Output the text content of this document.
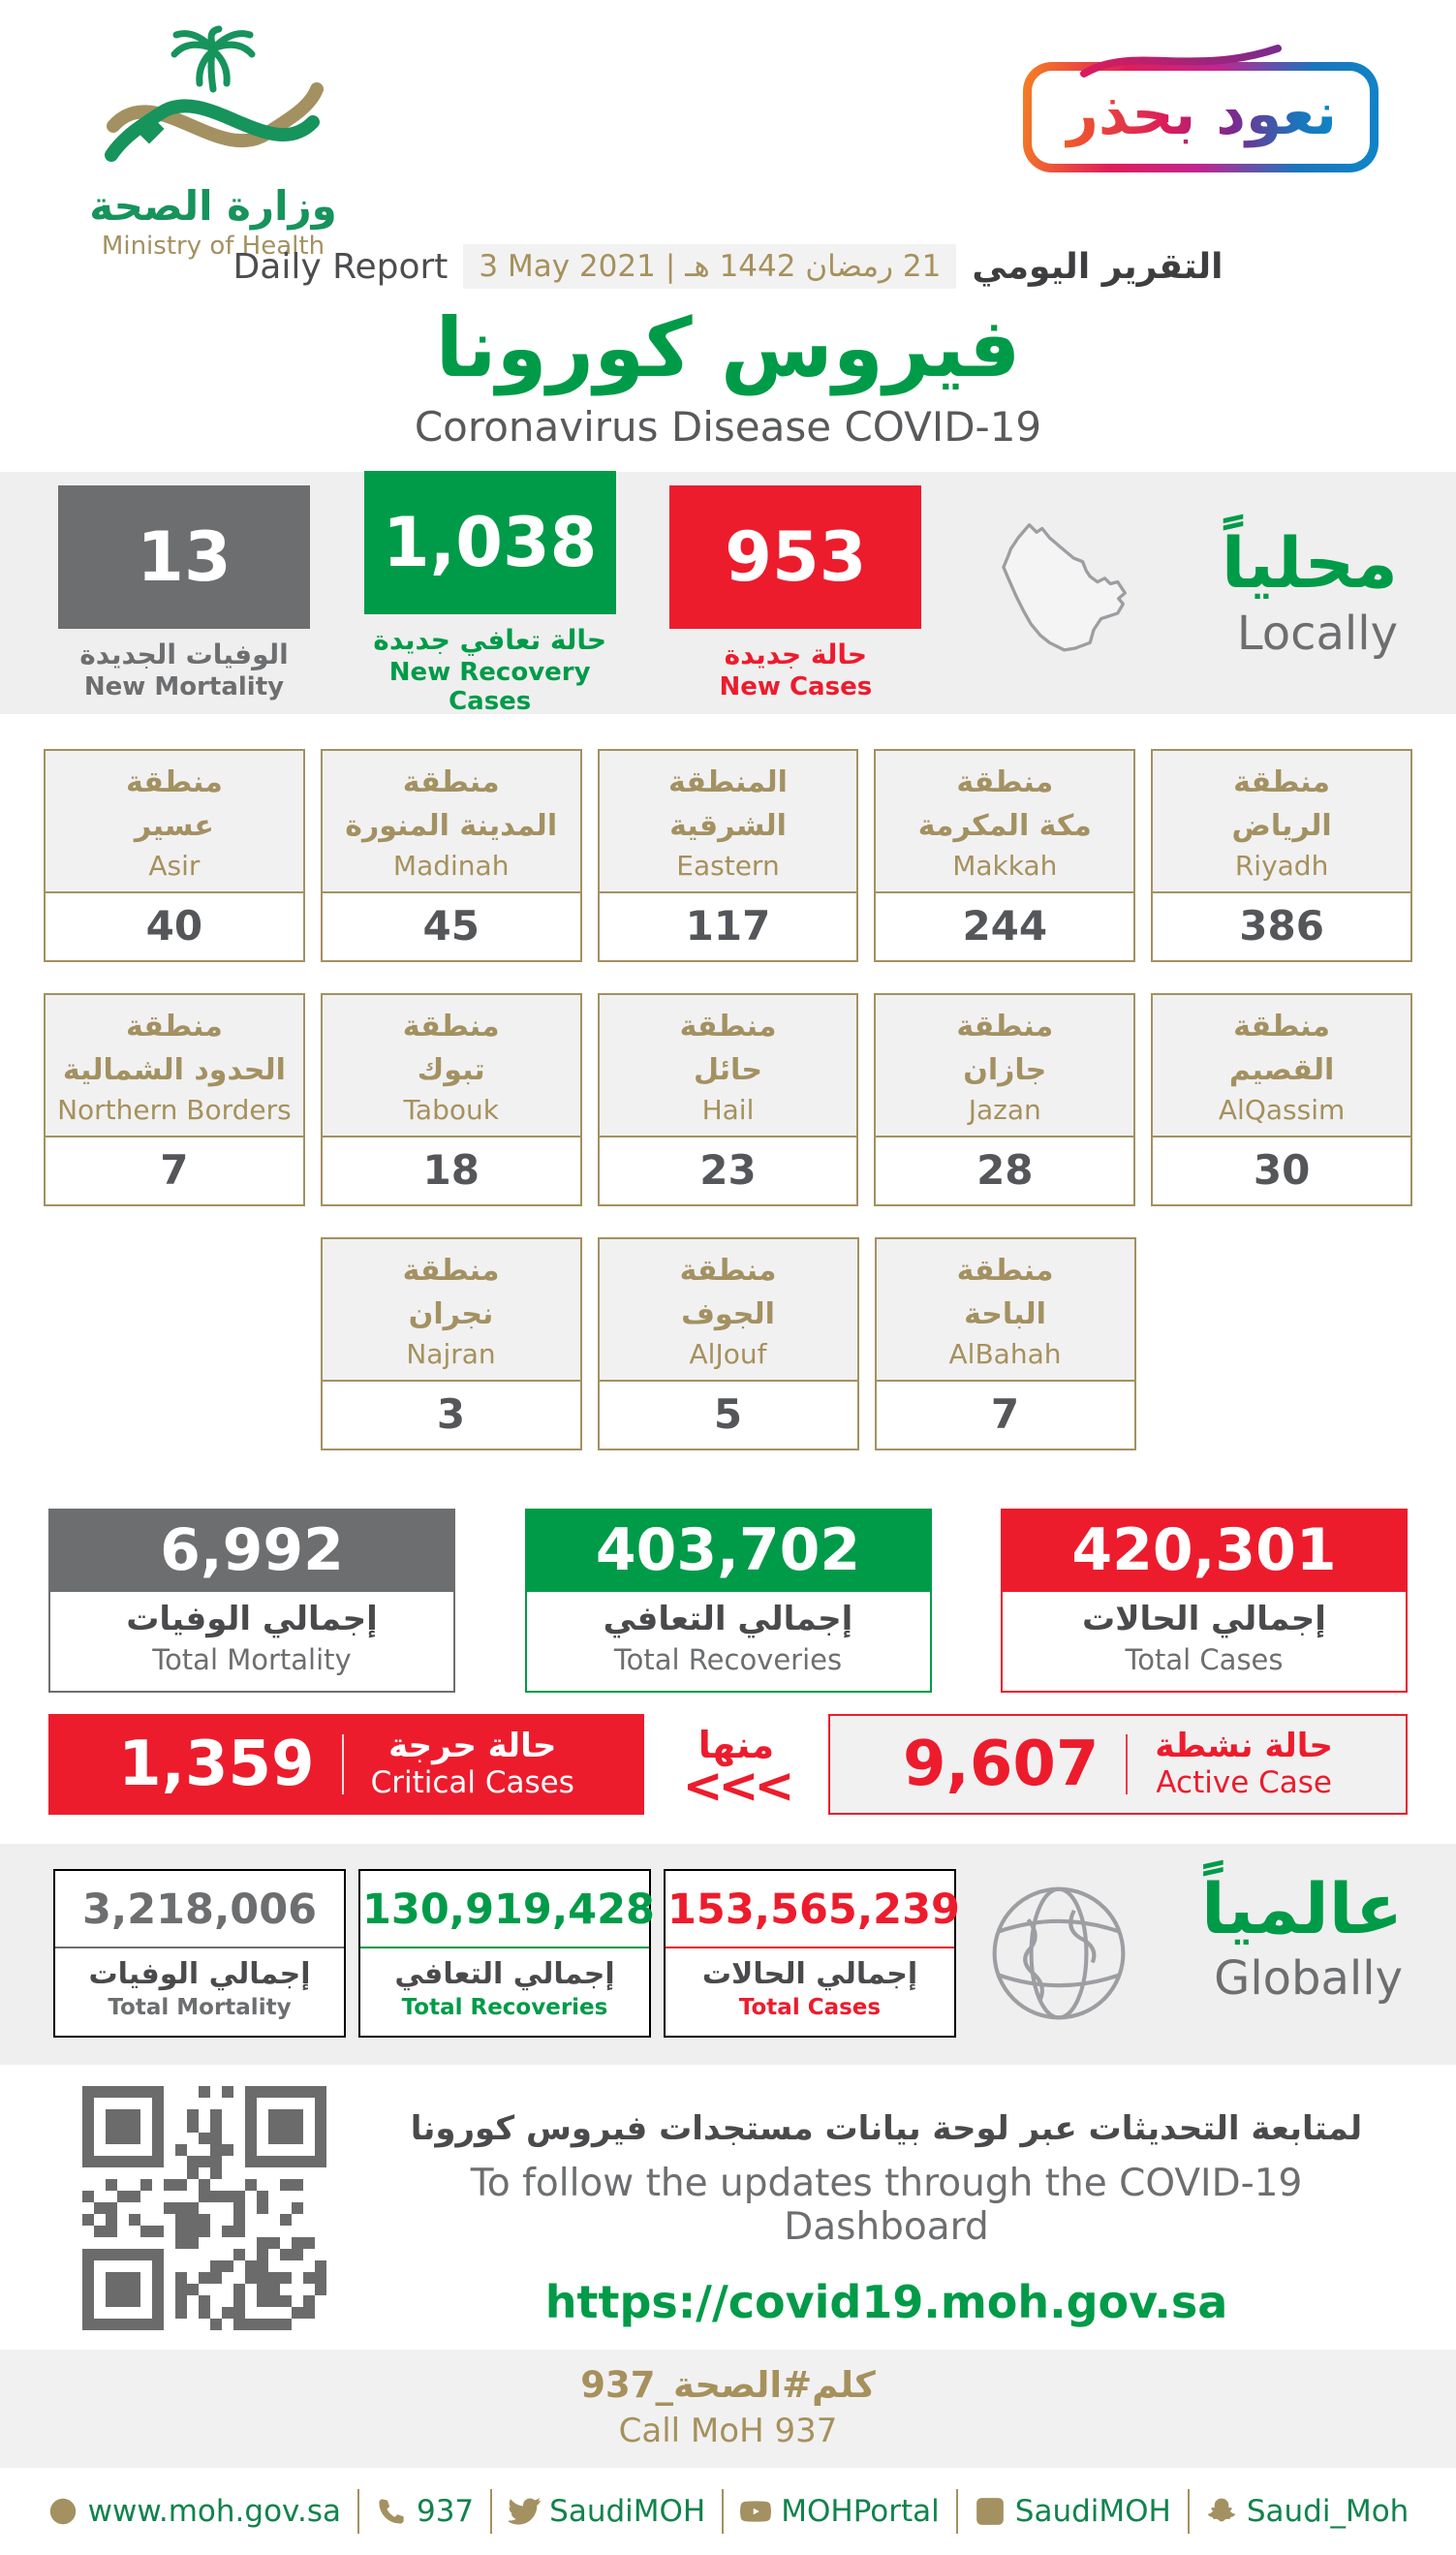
وزارة الصحة
Ministry of Health
نعود بحذر
Daily Report 3 May 2021 | 21 رمضان 1442 هـ التقرير اليومي
فيروس كورونا
Coronavirus Disease COVID-19
13
الوفيات الجديدة
New Mortality
1,038
حالة تعافي جديدة
New Recovery Cases
953
حالة جديدة
New Cases
محلياً
Locally
منطقة
عسير
Asir
40
منطقة
المدينة المنورة
Madinah
45
المنطقة
الشرقية
Eastern
117
منطقة
مكة المكرمة
Makkah
244
منطقة
الرياض
Riyadh
386
منطقة
الحدود الشمالية
Northern Borders
7
منطقة
تبوك
Tabouk
18
منطقة
حائل
Hail
23
منطقة
جازان
Jazan
28
منطقة
القصيم
AlQassim
30
منطقة
نجران
Najran
3
منطقة
الجوف
AlJouf
5
منطقة
الباحة
AlBahah
7
6,992
إجمالي الوفيات
Total Mortality
403,702
إجمالي التعافي
Total Recoveries
420,301
إجمالي الحالات
Total Cases
1,359	حالة حرجة
Critical Cases
منها
<<< 9,607 حالة نشطة
Active Case
3,218,006
إجمالي الوفيات
Total Mortality
130,919,428
إجمالي التعافي
Total Recoveries
153,565,239
إجمالي الحالات
Total Cases
عالمياً
Globally
لمتابعة التحديثات عبر لوحة بيانات مستجدات فيروس كورونا
To follow the updates through the COVID-19 Dashboard
https://covid19.moh.gov.sa
كلم#الصحة_937
Call MoH 937
www.moh.gov.sa	937	SaudiMOH	MOHPortal	SaudiMOH	Saudi_Moh
